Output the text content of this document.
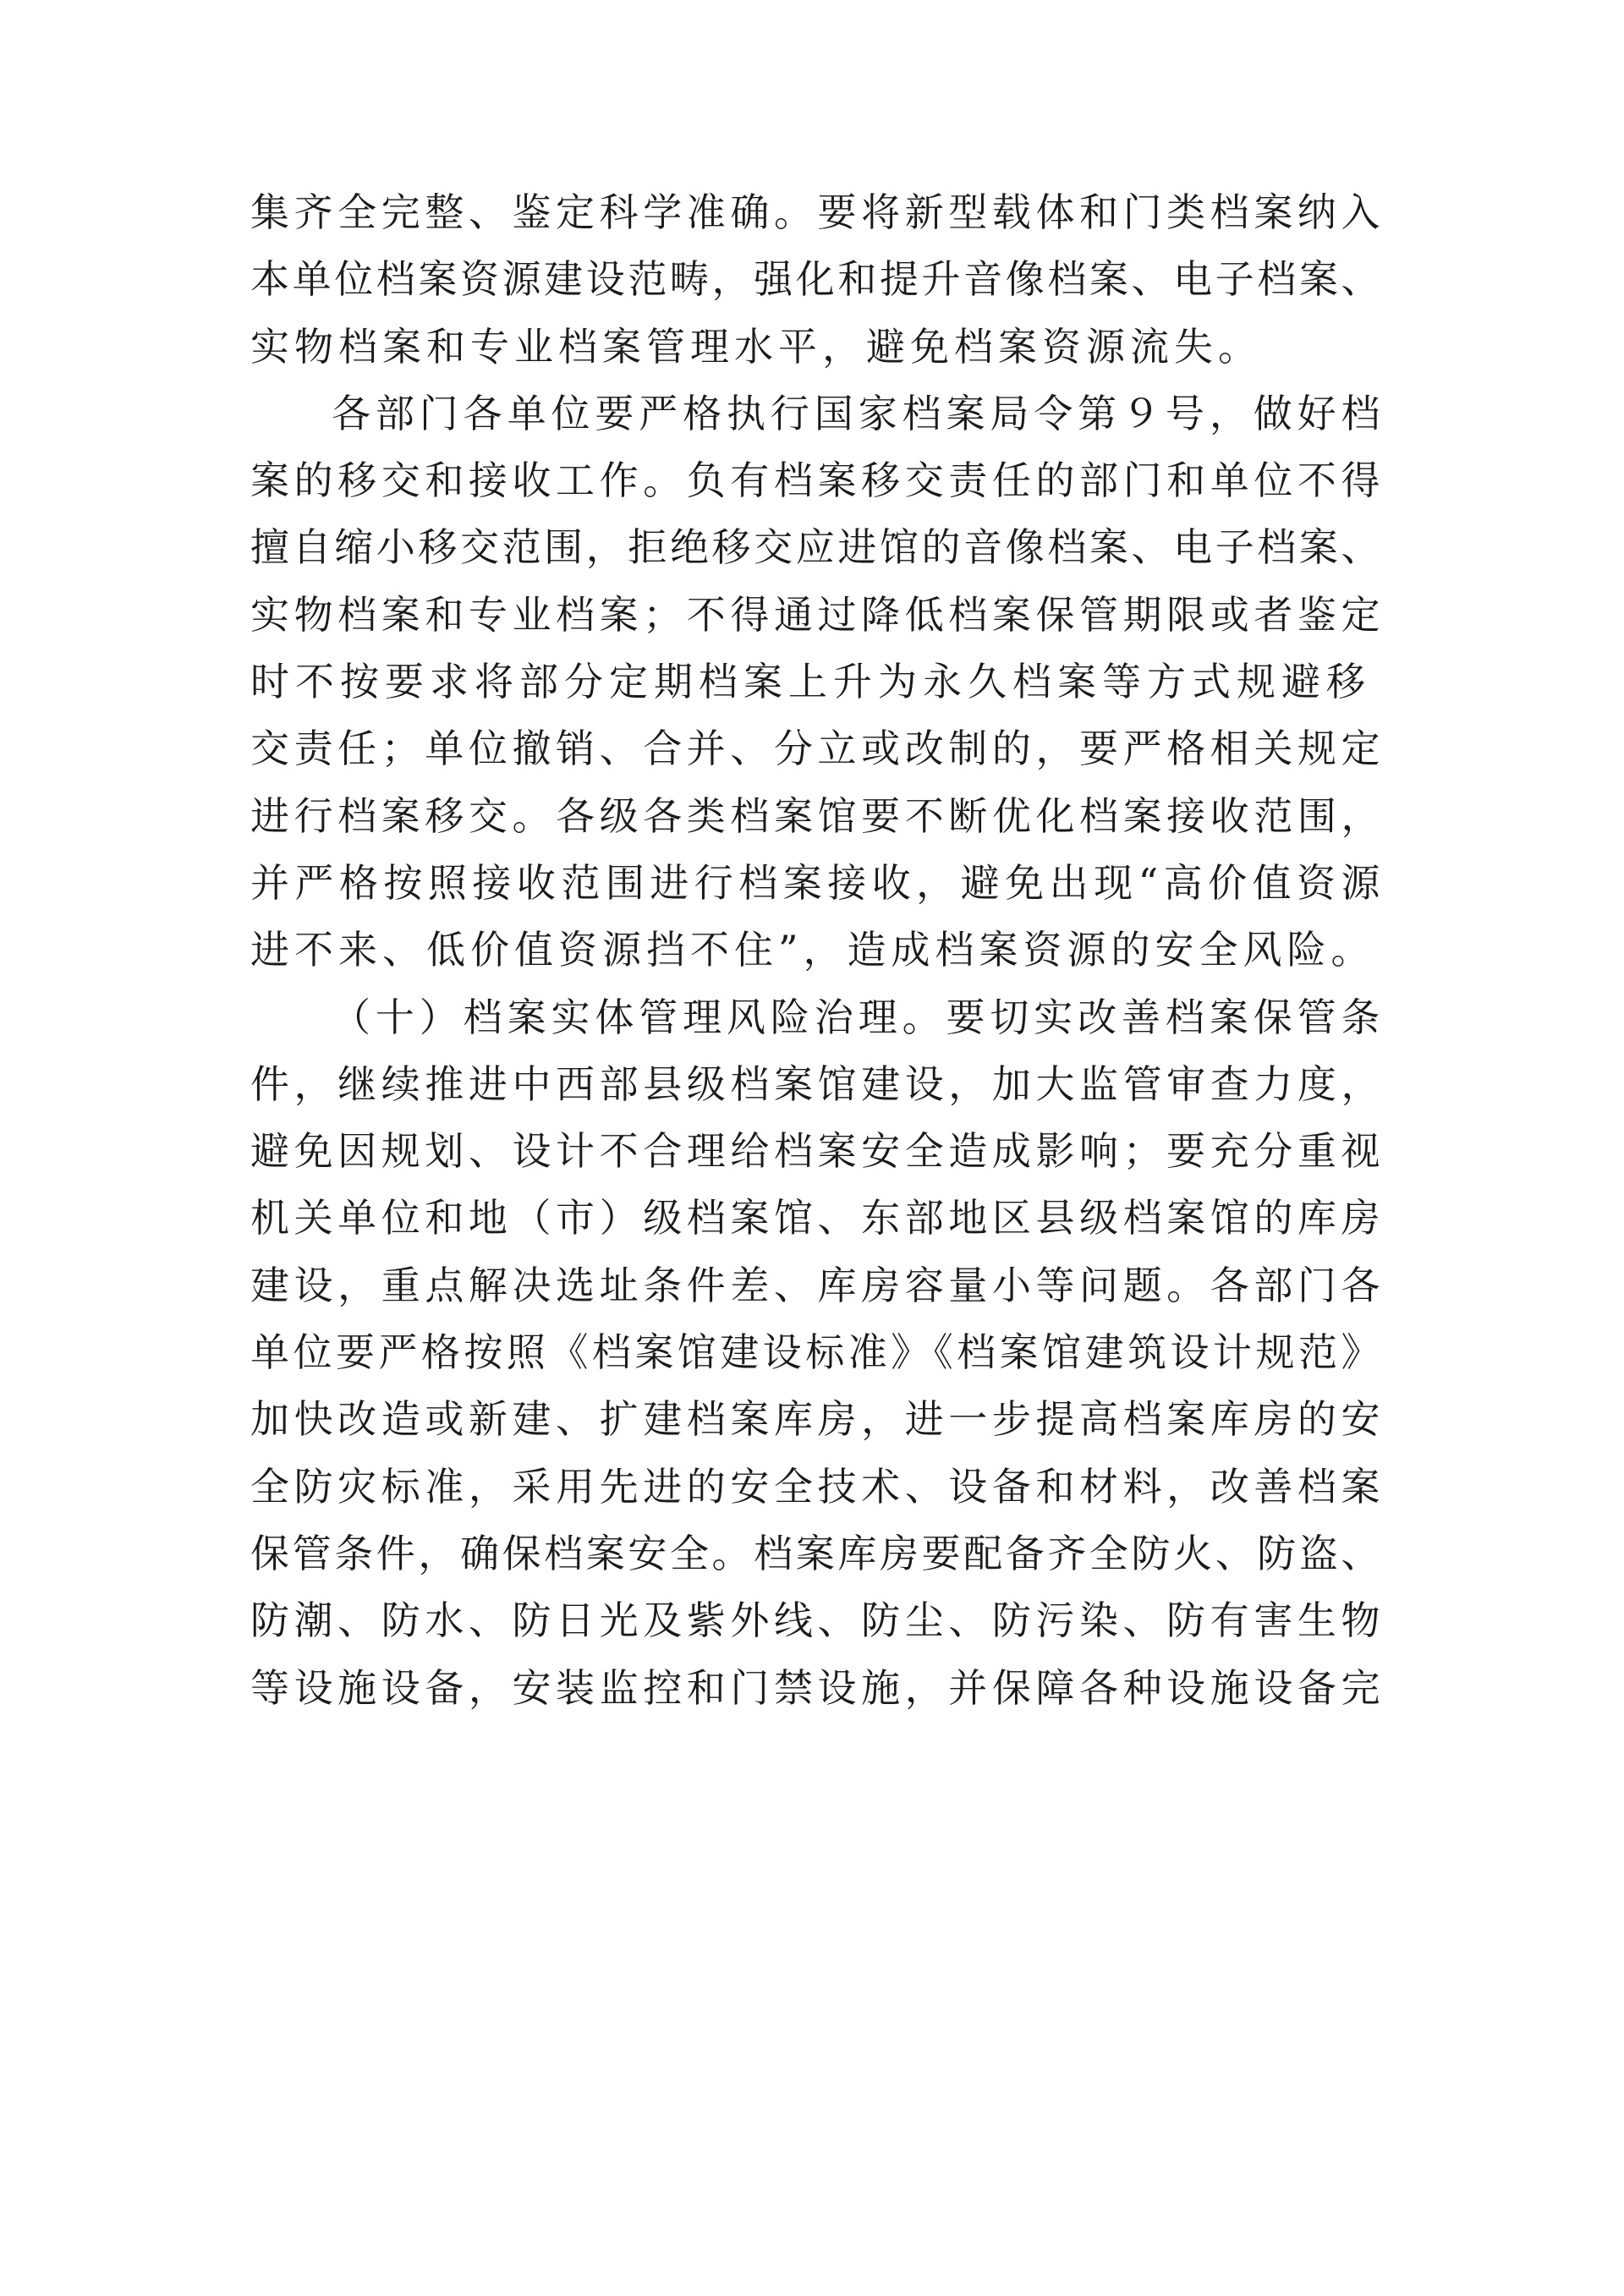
集齐全完整、鉴定科学准确。要将新型载体和门类档案纳入
本单位档案资源建设范畴，强化和提升音像档案、电子档案、
实物档案和专业档案管理水平，避免档案资源流失。
各部门各单位要严格执行国家档案局令第９号，做好档
案的移交和接收工作。负有档案移交责任的部门和单位不得
擅自缩小移交范围，拒绝移交应进馆的音像档案、电子档案、
实物档案和专业档案；不得通过降低档案保管期限或者鉴定
时不按要求将部分定期档案上升为永久档案等方式规避移
交责任；单位撤销、合并、分立或改制的，要严格相关规定
进行档案移交。各级各类档案馆要不断优化档案接收范围，
并严格按照接收范围进行档案接收，避免出现“高价值资源
进不来、低价值资源挡不住”，造成档案资源的安全风险。
（十）档案实体管理风险治理。要切实改善档案保管条
件，继续推进中西部县级档案馆建设，加大监管审查力度，
避免因规划、设计不合理给档案安全造成影响；要充分重视
机关单位和地（市）级档案馆、东部地区县级档案馆的库房
建设，重点解决选址条件差、库房容量小等问题。各部门各
单位要严格按照《档案馆建设标准》《档案馆建筑设计规范》
加快改造或新建、扩建档案库房，进一步提高档案库房的安
全防灾标准，采用先进的安全技术、设备和材料，改善档案
保管条件，确保档案安全。档案库房要配备齐全防火、防盗、
防潮、防水、防日光及紫外线、防尘、防污染、防有害生物
等设施设备，安装监控和门禁设施，并保障各种设施设备完
